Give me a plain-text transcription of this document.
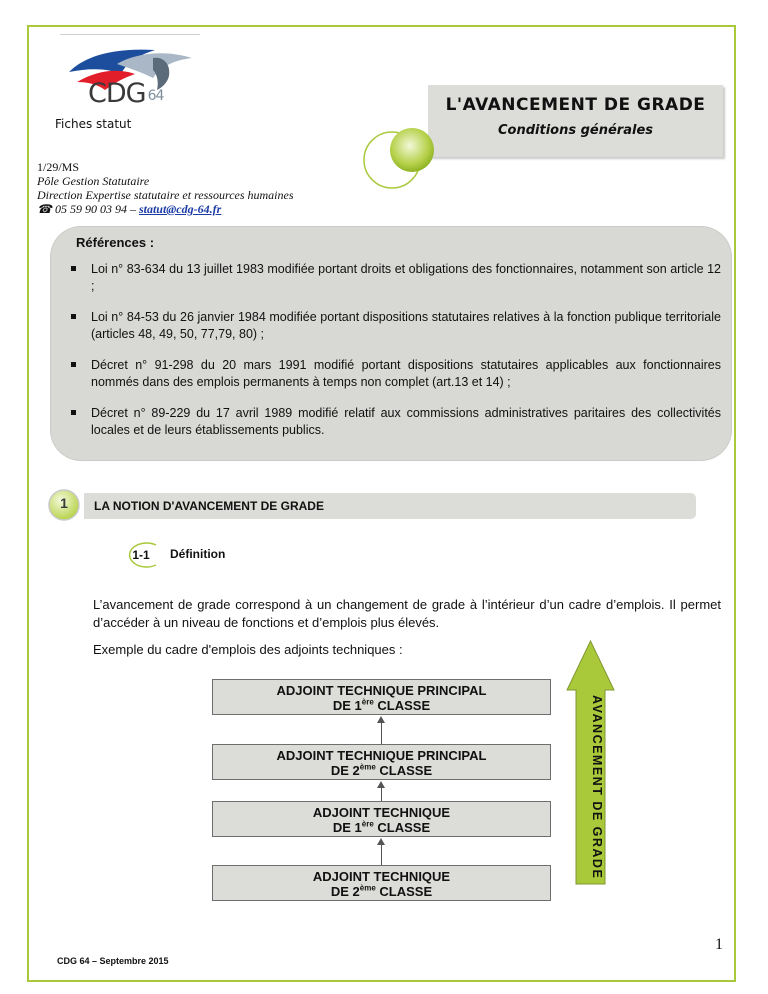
CDG $_{64}$
Fiches statut
L'AVANCEMENT DE GRADE
Conditions générales
1/29/MS
Pôle Gestion Statutaire
Direction Expertise statutaire et ressources humaines
☎ 05 59 90 03 94 – statut@cdg-64.fr
Références :
Loi n° 83-634 du 13 juillet 1983 modifiée portant droits et obligations des fonctionnaires, notamment son article 12 ;
Loi n° 84-53 du 26 janvier 1984 modifiée portant dispositions statutaires relatives à la fonction publique territoriale (articles 48, 49, 50, 77,79, 80) ;
Décret n° 91-298 du 20 mars 1991 modifié portant dispositions statutaires applicables aux fonctionnaires nommés dans des emplois permanents à temps non complet (art.13 et 14) ;
Décret n° 89-229 du 17 avril 1989 modifié relatif aux commissions administratives paritaires des collectivités locales et de leurs établissements publics.
1	LA NOTION D'AVANCEMENT DE GRADE
1-1	Définition
L’avancement de grade correspond à un changement de grade à l’intérieur d’un cadre d’emplois. Il permet d’accéder à un niveau de fonctions et d’emplois plus élevés.
Exemple du cadre d'emplois des adjoints techniques :
ADJOINT TECHNIQUE PRINCIPAL
DE 1ère CLASSE
ADJOINT TECHNIQUE PRINCIPAL
DE 2ème CLASSE
ADJOINT TECHNIQUE
DE 1ère CLASSE
ADJOINT TECHNIQUE
DE 2ème CLASSE
AVANCEMENT DE GRADE
1
CDG 64 – Septembre 2015
